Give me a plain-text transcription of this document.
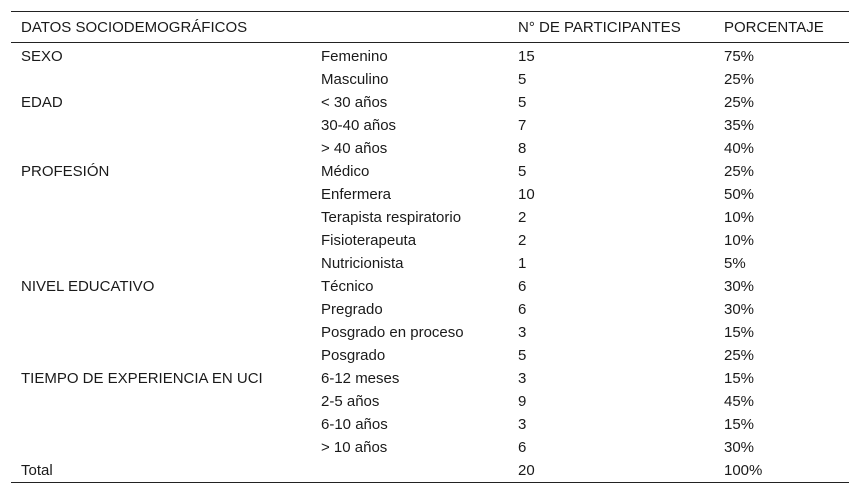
DATOS SOCIODEMOGRÁFICOS		N° DE PARTICIPANTES	PORCENTAJE
SEXO	Femenino	15	75%
	Masculino	5	25%
EDAD	< 30 años	5	25%
	30-40 años	7	35%
	> 40 años	8	40%
PROFESIÓN	Médico	5	25%
	Enfermera	10	50%
	Terapista respiratorio	2	10%
	Fisioterapeuta	2	10%
	Nutricionista	1	5%
NIVEL EDUCATIVO	Técnico	6	30%
	Pregrado	6	30%
	Posgrado en proceso	3	15%
	Posgrado	5	25%
TIEMPO DE EXPERIENCIA EN UCI	6-12 meses	3	15%
	2-5 años	9	45%
	6-10 años	3	15%
	> 10 años	6	30%
Total		20	100%
